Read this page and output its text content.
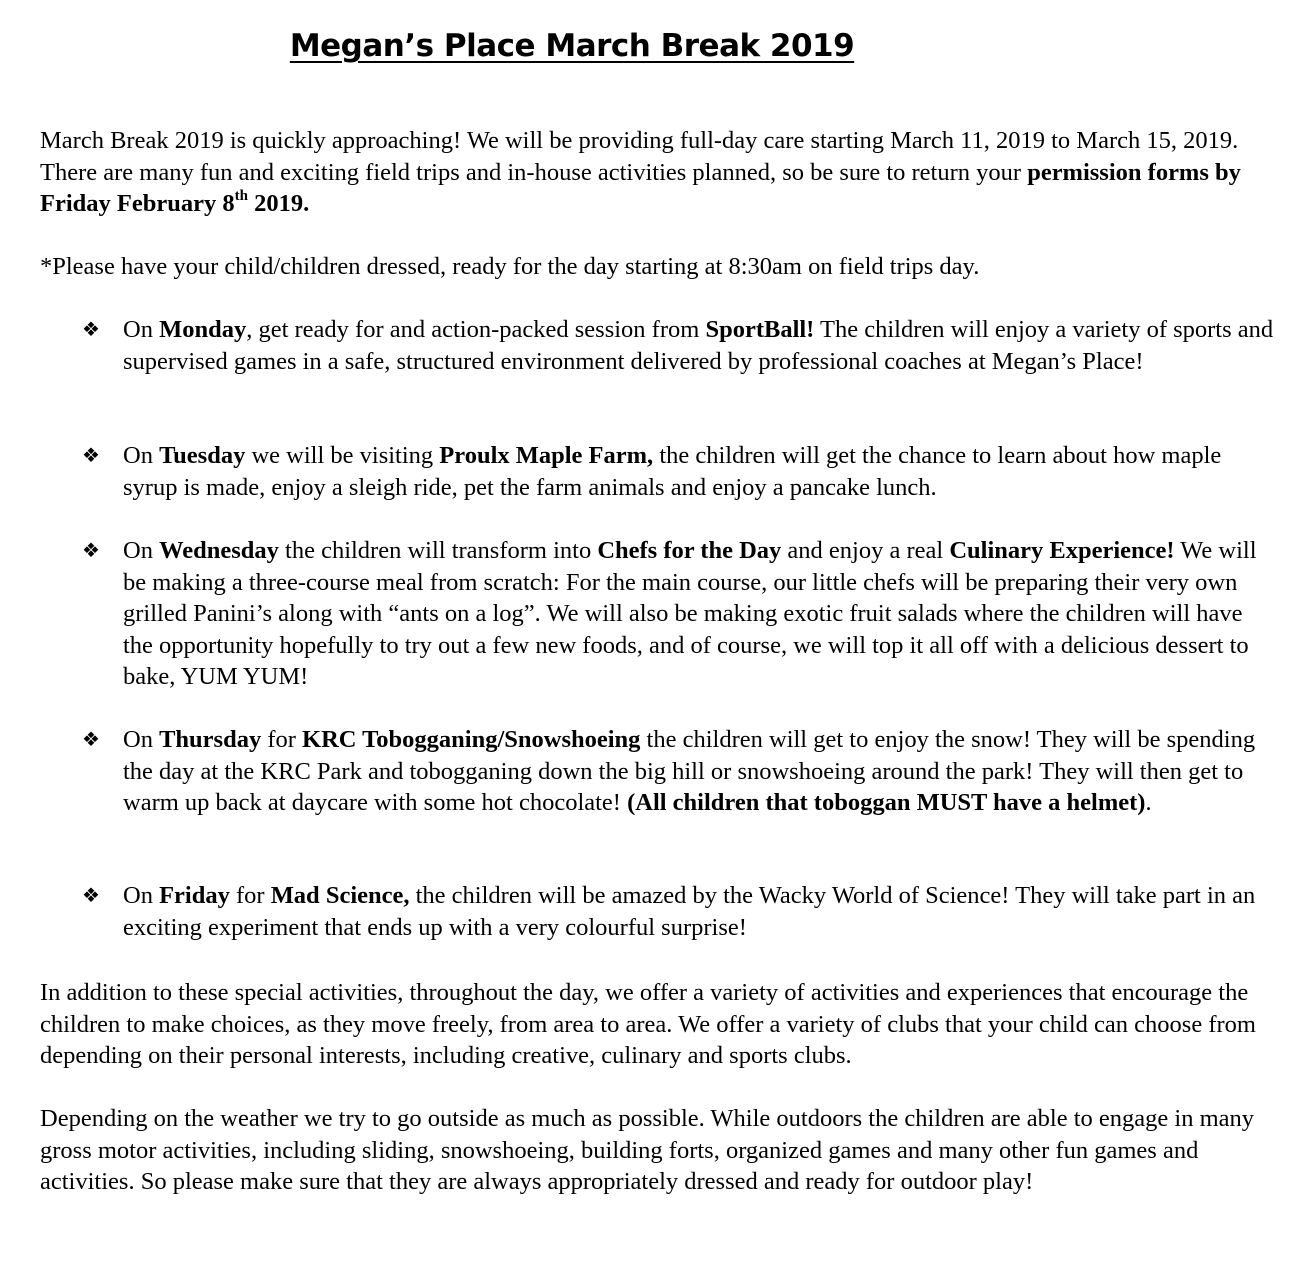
Megan’s Place March Break 2019

March Break 2019 is quickly approaching! We will be providing full-day care starting March 11, 2019 to March 15, 2019. There are many fun and exciting field trips and in-house activities planned, so be sure to return your permission forms by Friday February 8th 2019.

*Please have your child/children dressed, ready for the day starting at 8:30am on field trips day.

❖ On Monday, get ready for and action-packed session from SportBall! The children will enjoy a variety of sports and supervised games in a safe, structured environment delivered by professional coaches at Megan’s Place!
❖ On Tuesday we will be visiting Proulx Maple Farm, the children will get the chance to learn about how maple syrup is made, enjoy a sleigh ride, pet the farm animals and enjoy a pancake lunch.
❖ On Wednesday the children will transform into Chefs for the Day and enjoy a real Culinary Experience! We will be making a three-course meal from scratch: For the main course, our little chefs will be preparing their very own grilled Panini’s along with “ants on a log”. We will also be making exotic fruit salads where the children will have the opportunity hopefully to try out a few new foods, and of course, we will top it all off with a delicious dessert to bake, YUM YUM!
❖ On Thursday for KRC Tobogganing/Snowshoeing the children will get to enjoy the snow! They will be spending the day at the KRC Park and tobogganing down the big hill or snowshoeing around the park! They will then get to warm up back at daycare with some hot chocolate! (All children that toboggan MUST have a helmet).
❖ On Friday for Mad Science, the children will be amazed by the Wacky World of Science! They will take part in an exciting experiment that ends up with a very colourful surprise!

In addition to these special activities, throughout the day, we offer a variety of activities and experiences that encourage the children to make choices, as they move freely, from area to area. We offer a variety of clubs that your child can choose from depending on their personal interests, including creative, culinary and sports clubs.

Depending on the weather we try to go outside as much as possible. While outdoors the children are able to engage in many gross motor activities, including sliding, snowshoeing, building forts, organized games and many other fun games and activities. So please make sure that they are always appropriately dressed and ready for outdoor play!
